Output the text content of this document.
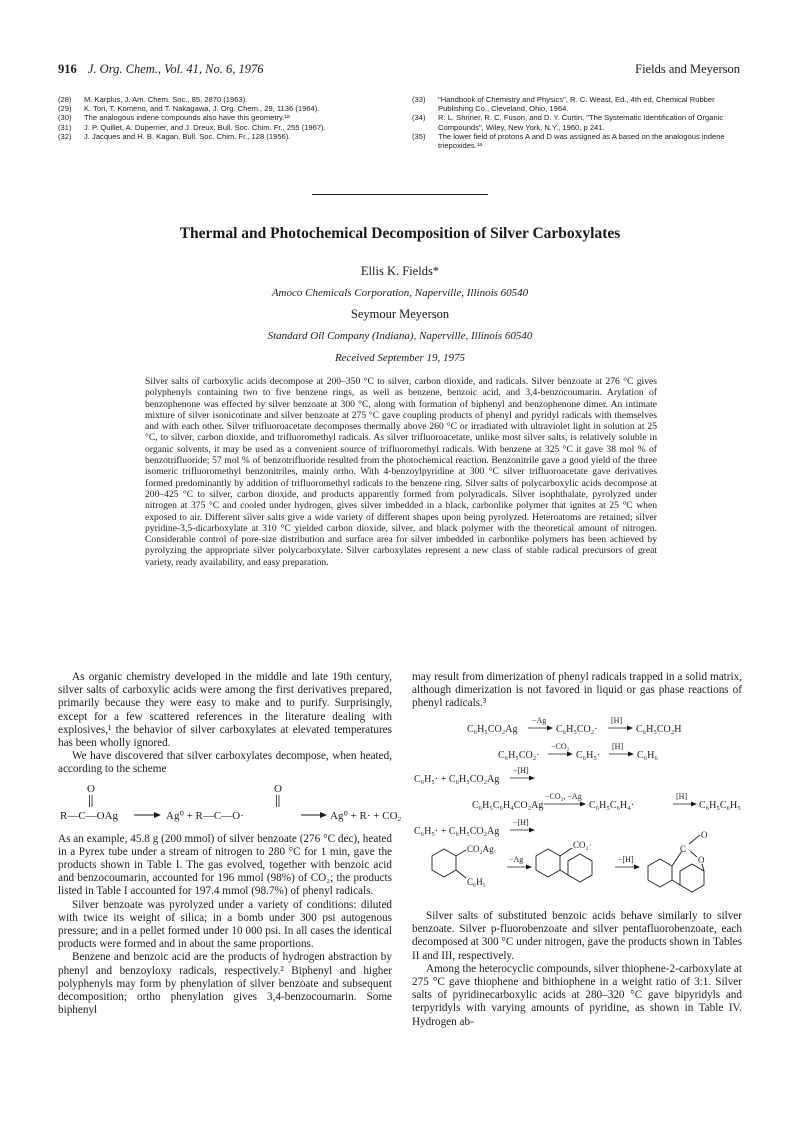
916 J. Org. Chem., Vol. 41, No. 6, 1976	Fields and Meyerson
(28)	M. Karplus, J. Am. Chem. Soc., 85, 2870 (1963).
(29)	K. Tori, T. Komeno, and T. Nakagawa, J. Org. Chem., 29, 1136 (1964).
(30)	The analogous indene compounds also have this geometry.¹ᵃ
(31)	J. P. Quillet, A. Duperrier, and J. Dreux, Bull. Soc. Chim. Fr., 255 (1967).
(32)	J. Jacques and H. B. Kagan, Bull. Soc. Chim. Fr., 128 (1956).
(33)	"Handbook of Chemistry and Physics", R. C. Weast, Ed., 4th ed, Chemical Rubber Publishing Co., Cleveland, Ohio, 1964.
(34)	R. L. Shriner, R. C. Fuson, and D. Y. Curtin, "The Systematic Identification of Organic Compounds", Wiley, New York, N.Y., 1960, p 241.
(35)	The lower field of protons A and D was assigned as A based on the analogous indene triepoxides.¹ᵃ
Thermal and Photochemical Decomposition of Silver Carboxylates
Ellis K. Fields*
Amoco Chemicals Corporation, Naperville, Illinois 60540
Seymour Meyerson
Standard Oil Company (Indiana), Naperville, Illinois 60540
Received September 19, 1975
Silver salts of carboxylic acids decompose at 200–350 °C to silver, carbon dioxide, and radicals. Silver benzoate at 276 °C gives polyphenyls containing two to five benzene rings, as well as benzene, benzoic acid, and 3,4-benzocoumarin. Arylation of benzophenone was effected by silver benzoate at 300 °C, along with formation of biphenyl and benzophenone dimer. An intimate mixture of silver isonicotinate and silver benzoate at 275 °C gave coupling products of phenyl and pyridyl radicals with themselves and with each other. Silver trifluoroacetate decomposes thermally above 260 °C or irradiated with ultraviolet light in solution at 25 °C, to silver, carbon dioxide, and trifluoromethyl radicals. As silver trifluoroacetate, unlike most silver salts, is relatively soluble in organic solvents, it may be used as a convenient source of trifluoromethyl radicals. With benzene at 325 °C it gave 38 mol % of benzotrifluoride; 57 mol % of benzotrifluoride resulted from the photochemical reaction. Benzonitrile gave a good yield of the three isomeric trifluoromethyl benzonitriles, mainly ortho. With 4-benzoylpyridine at 300 °C silver trifluoroacetate gave derivatives formed predominantly by addition of trifluoromethyl radicals to the benzene ring. Silver salts of polycarboxylic acids decompose at 200–425 °C to silver, carbon dioxide, and products apparently formed from polyradicals. Silver isophthalate, pyrolyzed under nitrogen at 375 °C and cooled under hydrogen, gives silver imbedded in a black, carbonlike polymer that ignites at 25 °C when exposed to air. Different silver salts give a wide variety of different shapes upon being pyrolyzed. Heteroatoms are retained; silver pyridine-3,5-dicarboxylate at 310 °C yielded carbon dioxide, silver, and black polymer with the theoretical amount of nitrogen. Considerable control of pore-size distribution and surface area for silver imbedded in carbonlike polymers has been achieved by pyrolyzing the appropriate silver polycarboxylate. Silver carboxylates represent a new class of stable radical precursors of great variety, ready availability, and easy preparation.

As organic chemistry developed in the middle and late 19th century, silver salts of carboxylic acids were among the first derivatives prepared, primarily because they were easy to make and to purify. Surprisingly, except for a few scattered references in the literature dealing with explosives,¹ the behavior of silver carboxylates at elevated temperatures has been wholly ignored.

We have discovered that silver carboxylates decompose, when heated, according to the scheme

As an example, 45.8 g (200 mmol) of silver benzoate (276 °C dec), heated in a Pyrex tube under a stream of nitrogen to 280 °C for 1 min, gave the products shown in Table I. The gas evolved, together with benzoic acid and benzocoumarin, accounted for 196 mmol (98%) of CO₂; the products listed in Table I accounted for 197.4 mmol (98.7%) of phenyl radicals.

Silver benzoate was pyrolyzed under a variety of conditions: diluted with twice its weight of silica; in a bomb under 300 psi autogenous pressure; and in a pellet formed under 10 000 psi. In all cases the identical products were formed and in about the same proportions.

Benzene and benzoic acid are the products of hydrogen abstraction by phenyl and benzoyloxy radicals, respectively.² Biphenyl and higher polyphenyls may form by phenylation of silver benzoate and subsequent decomposition; ortho phenylation gives 3,4-benzocoumarin. Some biphenyl

O
R—C—OAg
O
Ag⁰ + R—C—O·	Ag⁰ + R· + CO₂

may result from dimerization of phenyl radicals trapped in a solid matrix, although dimerization is not favored in liquid or gas phase reactions of phenyl radicals.³

C₆H₅CO₂Ag
−Ag
C₆H₅CO₂·
[H]
C₆H₅CO₂H
C₆H₅CO₂·
−CO₂
C₆H₅·
[H]
C₆H₆
C₆H₅· + C₆H₅CO₂Ag
−[H]
C₆H₅C₆H₄CO₂Ag
−CO₂, −Ag
C₆H₅C₆H₄·
[H]
C₆H₅C₆H₅
C₆H₅· + C₆H₅CO₂Ag
−[H]
CO₂Ag
C₆H₅
−Ag
CO₂·
−[H]
C
O
O

Silver salts of substituted benzoic acids behave similarly to silver benzoate. Silver p-fluorobenzoate and silver pentafluorobenzoate, each decomposed at 300 °C under nitrogen, gave the products shown in Tables II and III, respectively.

Among the heterocyclic compounds, silver thiophene-2-carboxylate at 275 °C gave thiophene and bithiophene in a weight ratio of 3:1. Silver salts of pyridinecarboxylic acids at 280–320 °C gave bipyridyls and terpyridyls with varying amounts of pyridine, as shown in Table IV. Hydrogen ab-
